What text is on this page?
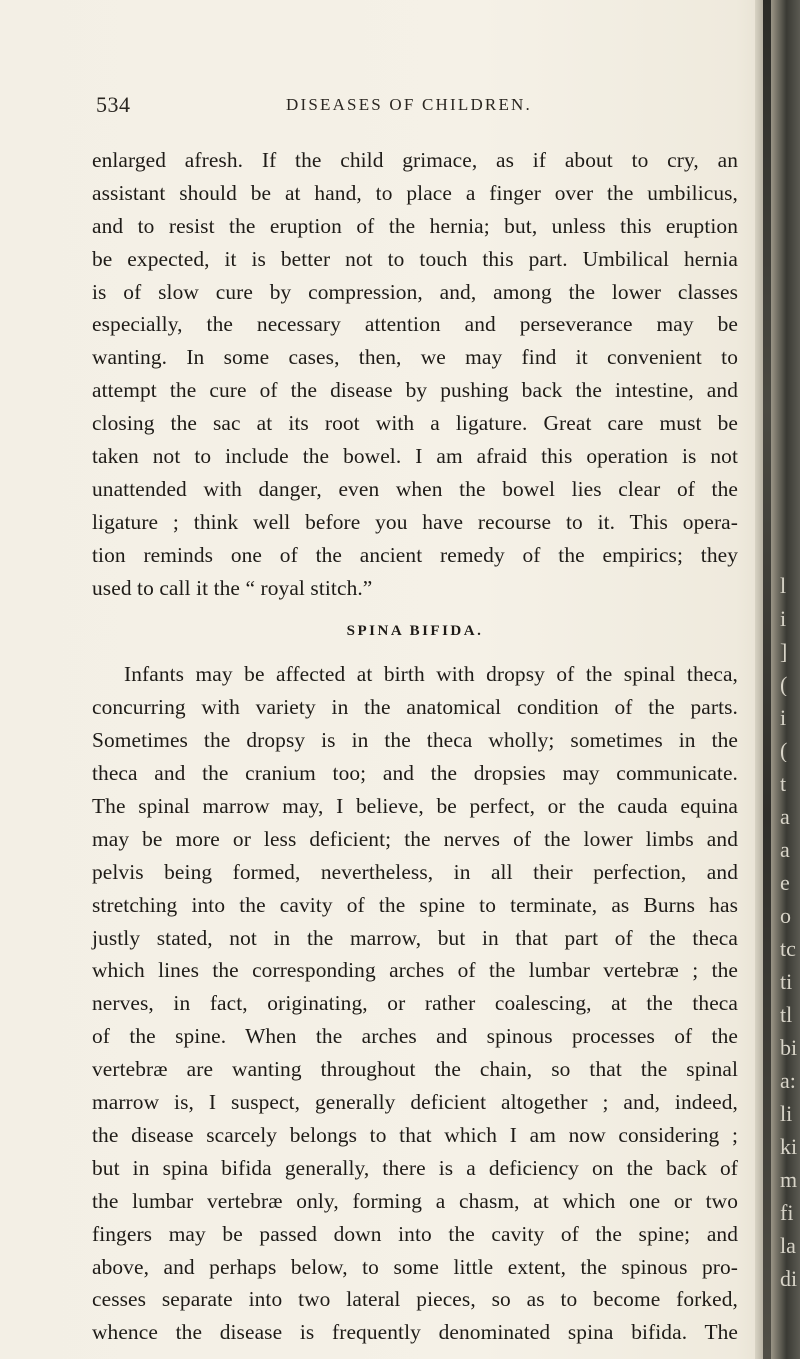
534	DISEASES OF CHILDREN.
enlarged afresh. If the child grimace, as if about to cry, an
assistant should be at hand, to place a finger over the umbilicus,
and to resist the eruption of the hernia; but, unless this eruption
be expected, it is better not to touch this part. Umbilical hernia
is of slow cure by compression, and, among the lower classes
especially, the necessary attention and perseverance may be
wanting. In some cases, then, we may find it convenient to
attempt the cure of the disease by pushing back the intestine, and
closing the sac at its root with a ligature. Great care must be
taken not to include the bowel. I am afraid this operation is not
unattended with danger, even when the bowel lies clear of the
ligature ; think well before you have recourse to it. This opera-
tion reminds one of the ancient remedy of the empirics; they
used to call it the “ royal stitch.”
SPINA BIFIDA.
Infants may be affected at birth with dropsy of the spinal theca,
concurring with variety in the anatomical condition of the parts.
Sometimes the dropsy is in the theca wholly; sometimes in the
theca and the cranium too; and the dropsies may communicate.
The spinal marrow may, I believe, be perfect, or the cauda equina
may be more or less deficient; the nerves of the lower limbs and
pelvis being formed, nevertheless, in all their perfection, and
stretching into the cavity of the spine to terminate, as Burns has
justly stated, not in the marrow, but in that part of the theca
which lines the corresponding arches of the lumbar vertebræ ; the
nerves, in fact, originating, or rather coalescing, at the theca
of the spine. When the arches and spinous processes of the
vertebræ are wanting throughout the chain, so that the spinal
marrow is, I suspect, generally deficient altogether ; and, indeed,
the disease scarcely belongs to that which I am now considering ;
but in spina bifida generally, there is a deficiency on the back of
the lumbar vertebræ only, forming a chasm, at which one or two
fingers may be passed down into the cavity of the spine; and
above, and perhaps below, to some little extent, the spinous pro-
cesses separate into two lateral pieces, so as to become forked,
whence the disease is frequently denominated spina bifida. The
l
i
]
(
i
(
t
a
a
e
o
tc
ti
tl
bi
a:
li
ki
m
fi
la
di
